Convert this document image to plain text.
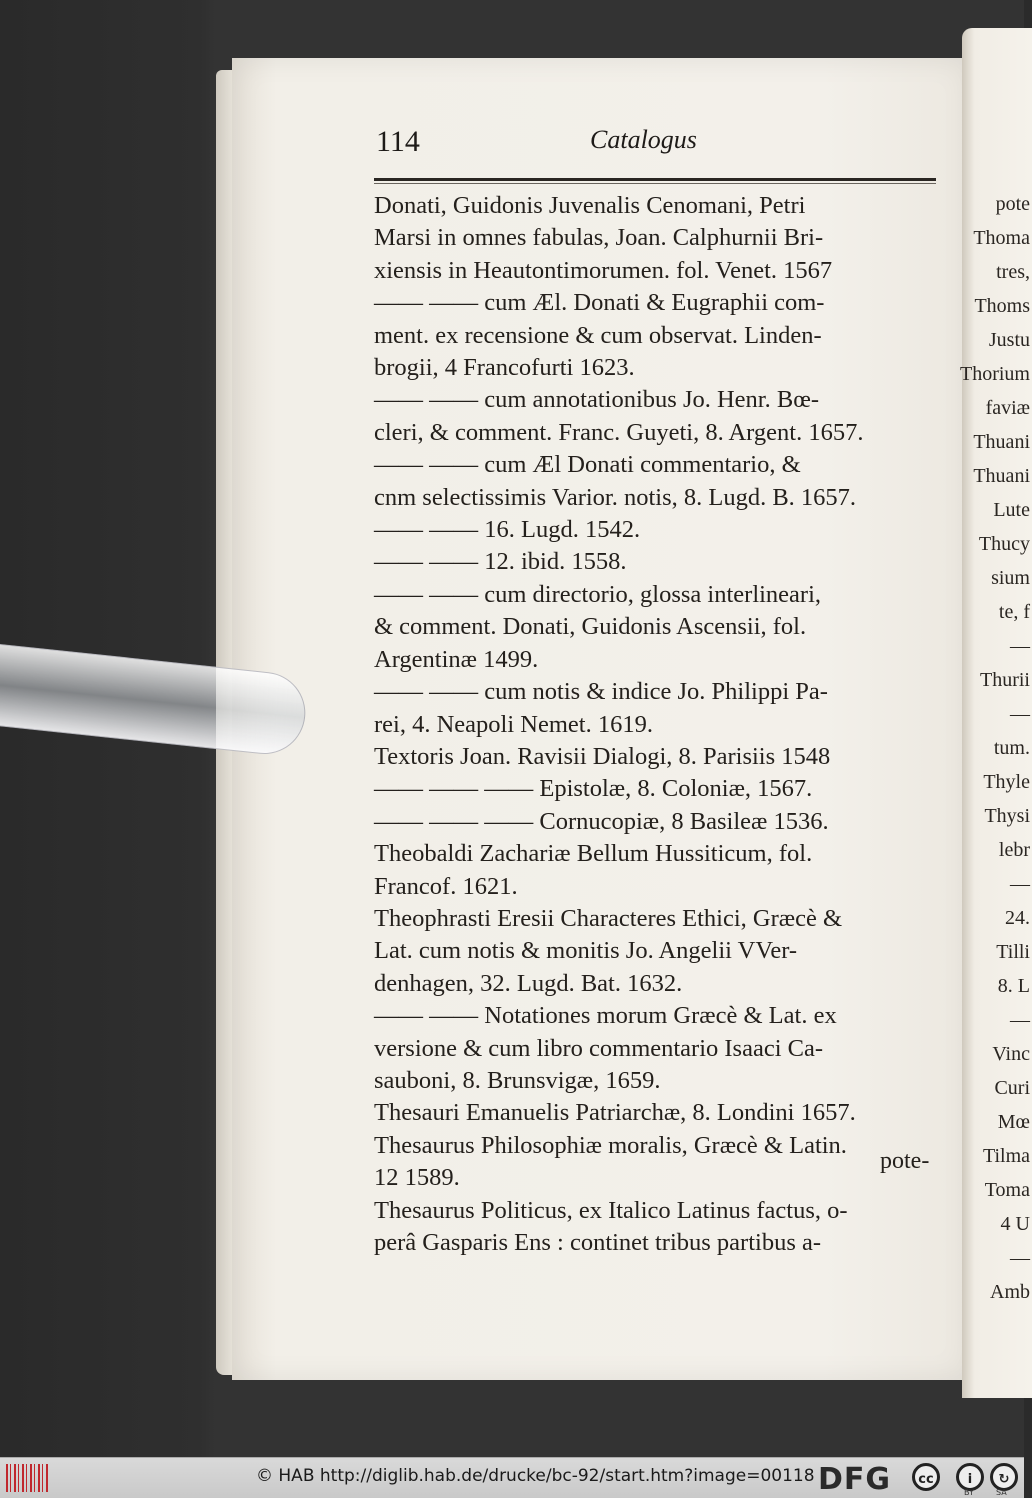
114	Catalogus
Donati, Guidonis Juvenalis Cenomani, Petri
Marsi in omnes fabulas, Joan. Calphurnii Bri-
xiensis in Heautontimorumen. fol. Venet. 1567
—— —— cum Æl. Donati & Eugraphii com-
ment. ex recensione & cum observat. Linden-
brogii, 4 Francofurti 1623.
—— —— cum annotationibus Jo. Henr. Bœ-
cleri, & comment. Franc. Guyeti, 8. Argent. 1657.
—— —— cum Æl Donati commentario, &
cnm selectissimis Varior. notis, 8. Lugd. B. 1657.
—— —— 16. Lugd. 1542.
—— —— 12. ibid. 1558.
—— —— cum directorio, glossa interlineari,
& comment. Donati, Guidonis Ascensii, fol.
Argentinæ 1499.
—— —— cum notis & indice Jo. Philippi Pa-
rei, 4. Neapoli Nemet. 1619.
Textoris Joan. Ravisii Dialogi, 8. Parisiis 1548
—— —— —— Epistolæ, 8. Coloniæ, 1567.
—— —— —— Cornucopiæ, 8 Basileæ 1536.
Theobaldi Zachariæ Bellum Hussiticum, fol.
Francof. 1621.
Theophrasti Eresii Characteres Ethici, Græcè &
Lat. cum notis & monitis Jo. Angelii VVer-
denhagen, 32. Lugd. Bat. 1632.
—— —— Notationes morum Græcè & Lat. ex
versione & cum libro commentario Isaaci Ca-
sauboni, 8. Brunsvigæ, 1659.
Thesauri Emanuelis Patriarchæ, 8. Londini 1657.
Thesaurus Philosophiæ moralis, Græcè & Latin.
12 1589.
Thesaurus Politicus, ex Italico Latinus factus, o-
perâ Gasparis Ens : continet tribus partibus a-
pote-
pote
Thoma
tres,
Thoms
Justu
Thorium
faviæ
Thuani
Thuani
Lute
Thucy
sium
te, f
—
Thurii
—
tum.
Thyle
Thysi
lebr
—
24.
Tilli
8. L
—
Vinc
Curi
Mœ
Tilma
Toma
4 U
—
Amb
© HAB http://diglib.hab.de/drucke/bc-92/start.htm?image=00118 DFG	cc	i	↻
BY	SA
